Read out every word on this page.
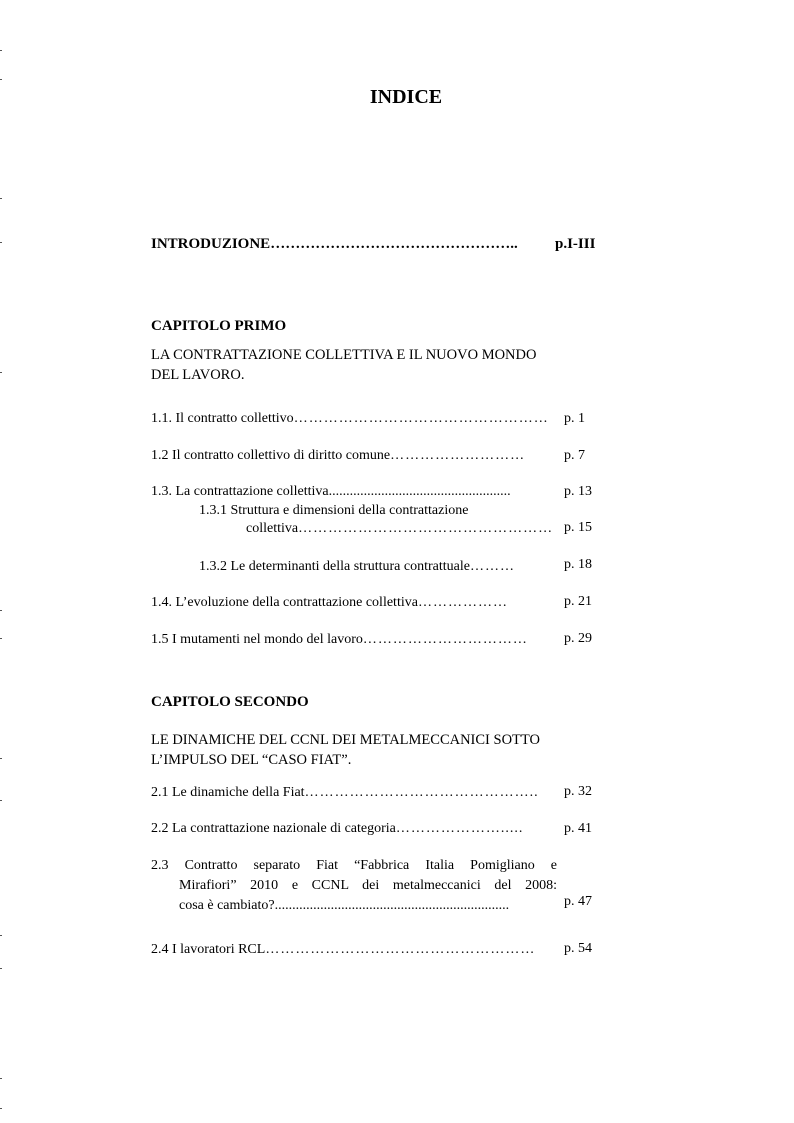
INDICE
INTRODUZIONE………………………………………….. p.I-III
CAPITOLO PRIMO
LA CONTRATTAZIONE COLLETTIVA E IL NUOVO MONDO
DEL LAVORO.
1.1. Il contratto collettivo…………………………………………… p. 1
1.2 Il contratto collettivo di diritto comune………………………	p. 7
1.3. La contrattazione collettiva....................................................	p. 13
1.3.1 Struttura e dimensioni della contrattazione
collettiva…………………………………………… p. 15
1.3.2 Le determinanti della struttura contrattuale………	p. 18
1.4. L’evoluzione della contrattazione collettiva………………	p. 21
1.5 I mutamenti nel mondo del lavoro……………………………	p. 29
CAPITOLO SECONDO
LE DINAMICHE DEL CCNL DEI METALMECCANICI SOTTO
L’IMPULSO DEL “CASO FIAT”.
2.1 Le dinamiche della Fiat……………………………………….. p. 32
2.2 La contrattazione nazionale di categoria………………….....	p. 41
2.3 Contratto separato Fiat “Fabbrica Italia Pomigliano e
Mirafiori” 2010 e CCNL dei metalmeccanici del 2008:
cosa è cambiato?...................................................................	p. 47
2.4 I lavoratori RCL……………………………………………… p. 54
